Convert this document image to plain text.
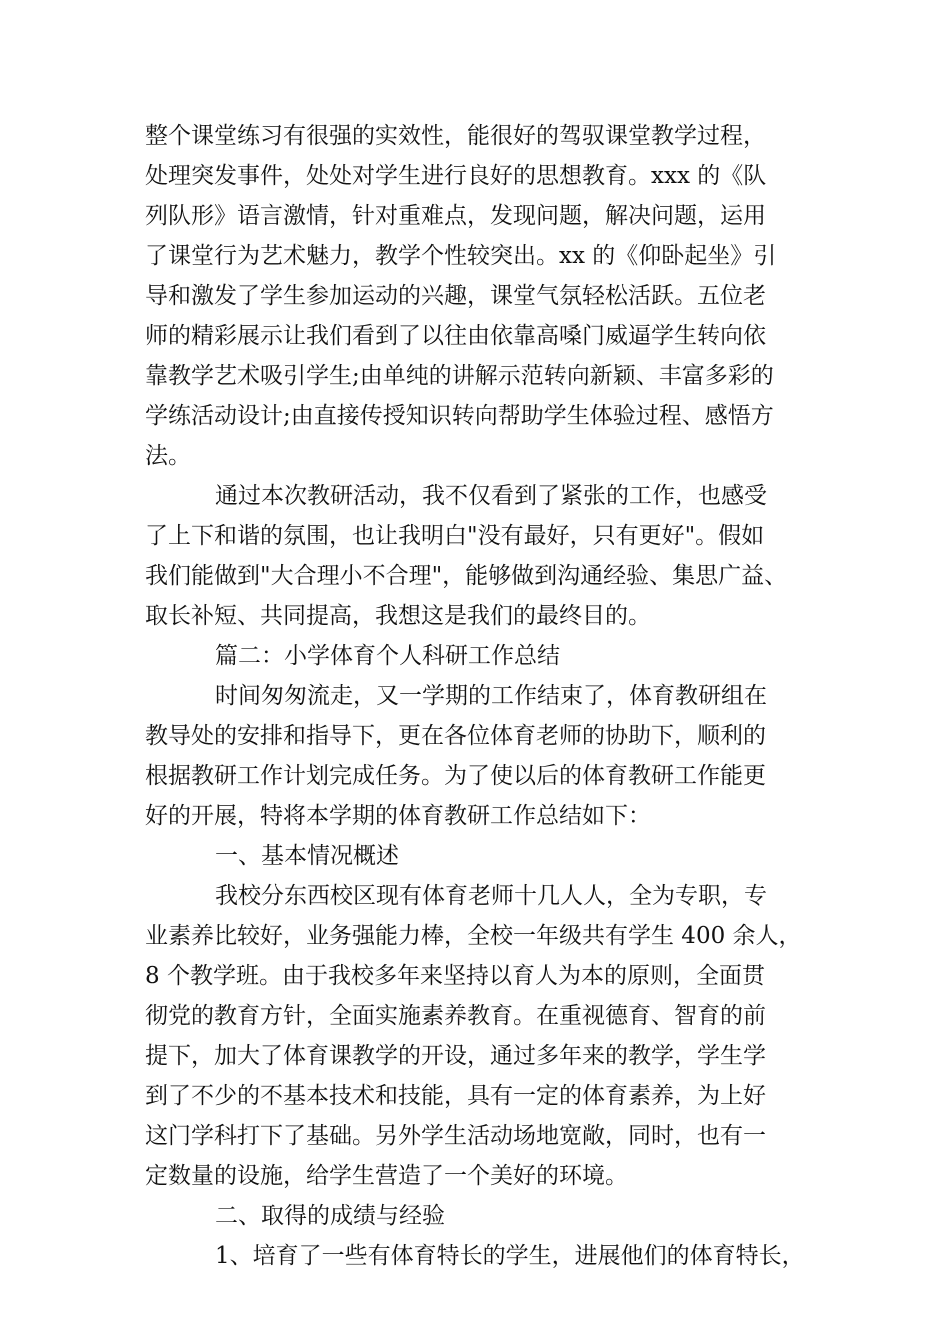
整个课堂练习有很强的实效性，能很好的驾驭课堂教学过程，
处理突发事件，处处对学生进行良好的思想教育。xxx 的《队
列队形》语言激情，针对重难点，发现问题，解决问题，运用
了课堂行为艺术魅力，教学个性较突出。xx 的《仰卧起坐》引
导和激发了学生参加运动的兴趣，课堂气氛轻松活跃。五位老
师的精彩展示让我们看到了以往由依靠高嗓门威逼学生转向依
靠教学艺术吸引学生;由单纯的讲解示范转向新颖、丰富多彩的
学练活动设计;由直接传授知识转向帮助学生体验过程、感悟方
法。
通过本次教研活动，我不仅看到了紧张的工作，也感受
了上下和谐的氛围，也让我明白"没有最好，只有更好"。假如
我们能做到"大合理小不合理"，能够做到沟通经验、集思广益、
取长补短、共同提高，我想这是我们的最终目的。
篇二：小学体育个人科研工作总结
时间匆匆流走，又一学期的工作结束了，体育教研组在
教导处的安排和指导下，更在各位体育老师的协助下，顺利的
根据教研工作计划完成任务。为了使以后的体育教研工作能更
好的开展，特将本学期的体育教研工作总结如下：
一、基本情况概述
我校分东西校区现有体育老师十几人人，全为专职，专
业素养比较好，业务强能力棒，全校一年级共有学生 400 余人，
8 个教学班。由于我校多年来坚持以育人为本的原则，全面贯
彻党的教育方针，全面实施素养教育。在重视德育、智育的前
提下，加大了体育课教学的开设，通过多年来的教学，学生学
到了不少的不基本技术和技能，具有一定的体育素养，为上好
这门学科打下了基础。另外学生活动场地宽敞，同时，也有一
定数量的设施，给学生营造了一个美好的环境。
二、取得的成绩与经验
1、培育了一些有体育特长的学生，进展他们的体育特长，
